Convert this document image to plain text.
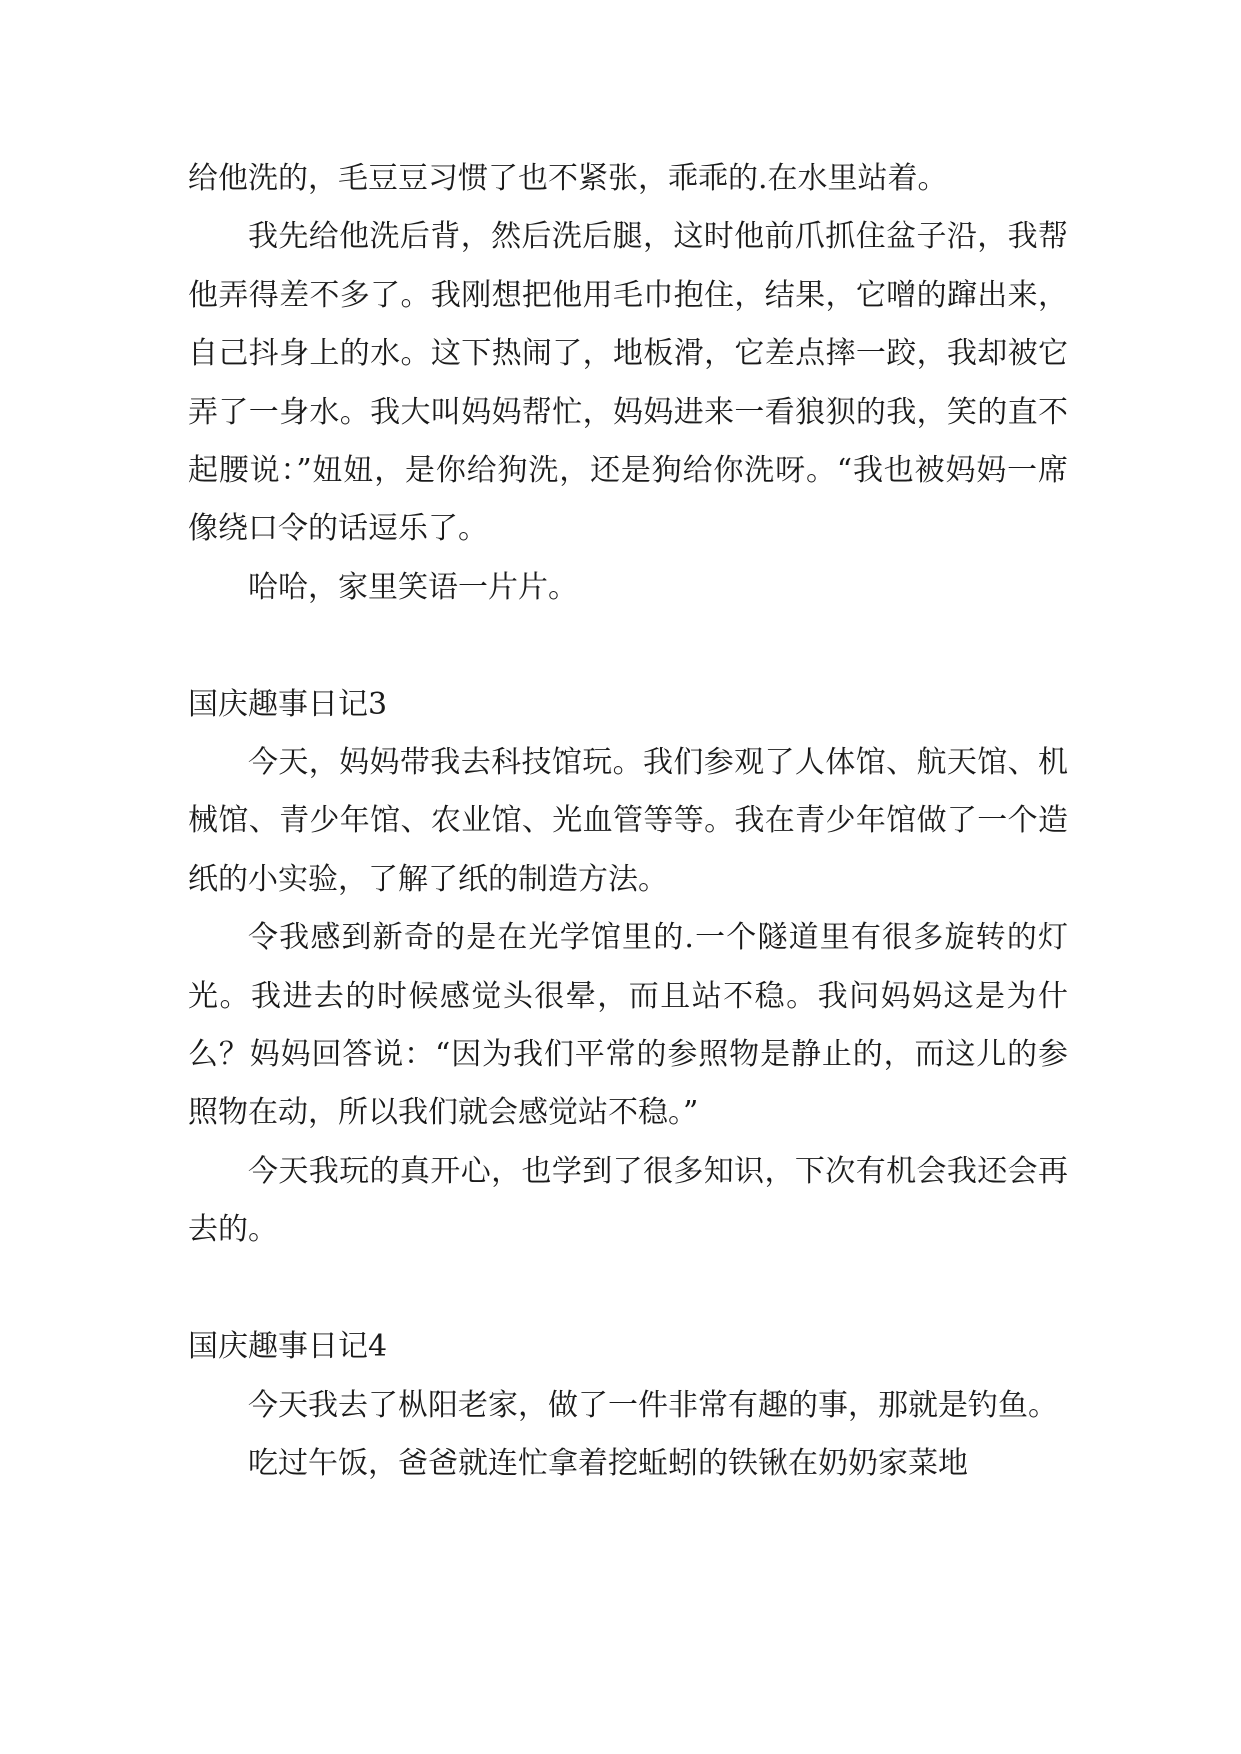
给他洗的，毛豆豆习惯了也不紧张，乖乖的.在水里站着。

我先给他洗后背，然后洗后腿，这时他前爪抓住盆子沿，我帮他弄得差不多了。我刚想把他用毛巾抱住，结果，它噌的蹿出来，自己抖身上的水。这下热闹了，地板滑，它差点摔一跤，我却被它弄了一身水。我大叫妈妈帮忙，妈妈进来一看狼狈的我，笑的直不起腰说：”妞妞，是你给狗洗，还是狗给你洗呀。“我也被妈妈一席像绕口令的话逗乐了。

哈哈，家里笑语一片片。

国庆趣事日记3

今天，妈妈带我去科技馆玩。我们参观了人体馆、航天馆、机械馆、青少年馆、农业馆、光血管等等。我在青少年馆做了一个造纸的小实验，了解了纸的制造方法。

令我感到新奇的是在光学馆里的.一个隧道里有很多旋转的灯光。我进去的时候感觉头很晕，而且站不稳。我问妈妈这是为什么？妈妈回答说：“因为我们平常的参照物是静止的，而这儿的参照物在动，所以我们就会感觉站不稳。”

今天我玩的真开心，也学到了很多知识，下次有机会我还会再去的。

国庆趣事日记4

今天我去了枞阳老家，做了一件非常有趣的事，那就是钓鱼。

吃过午饭，爸爸就连忙拿着挖蚯蚓的铁锹在奶奶家菜地
